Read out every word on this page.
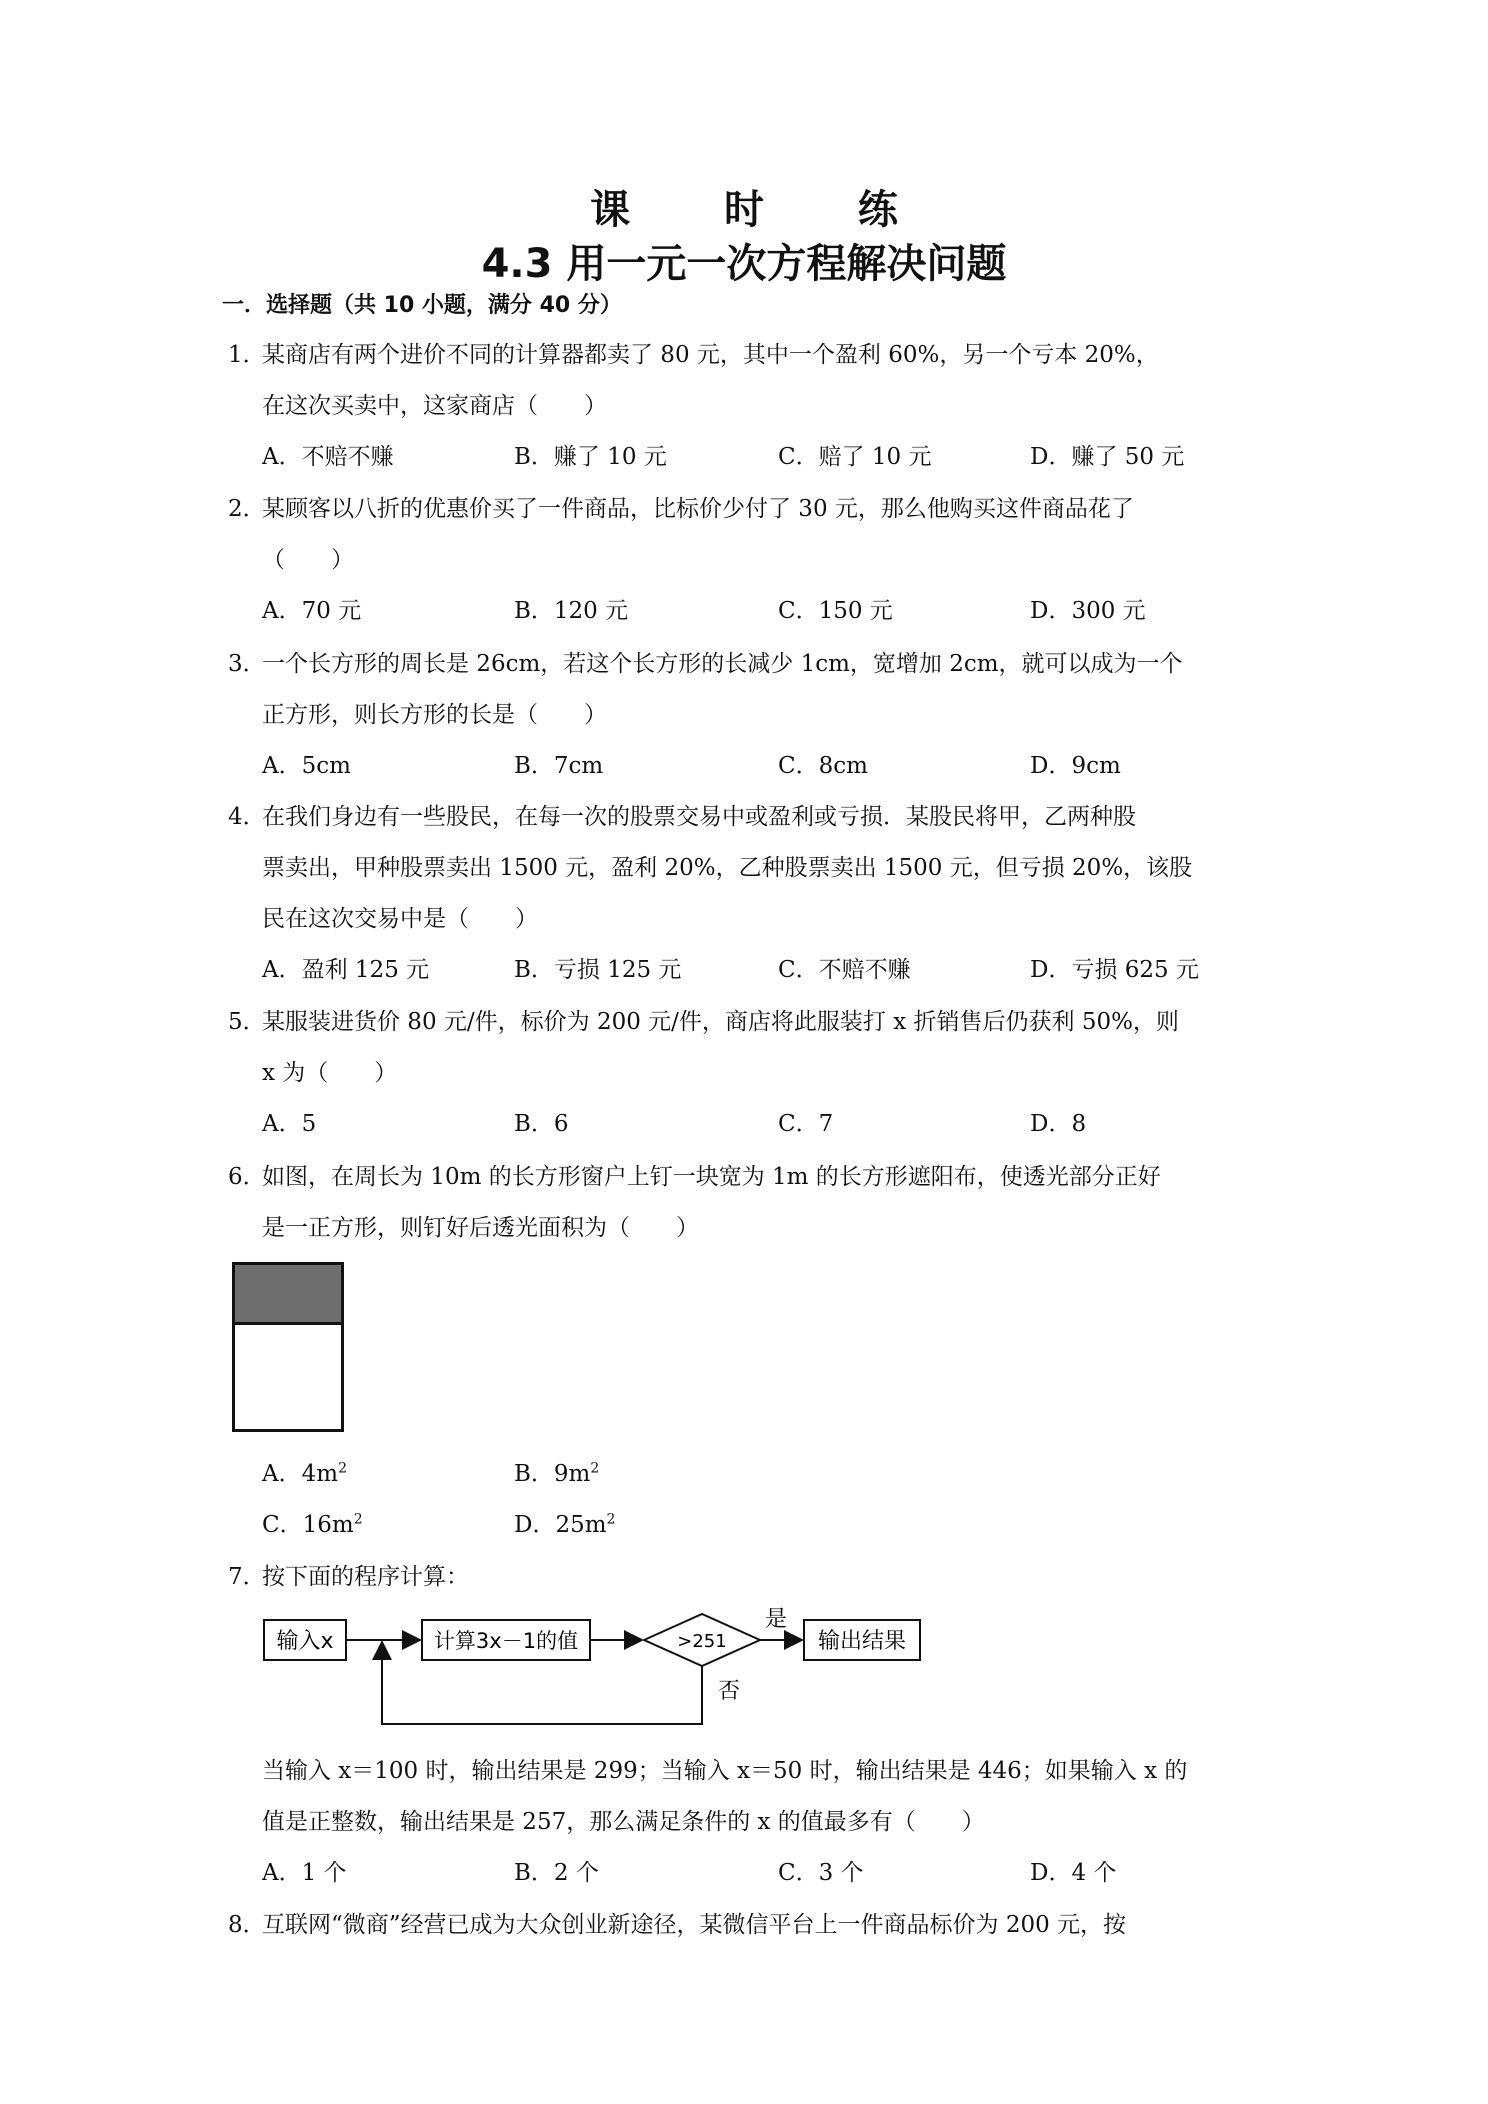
课 时 练
4.3 用一元一次方程解决问题
一．选择题（共 10 小题，满分 40 分）
1．
某商店有两个进价不同的计算器都卖了 80 元，其中一个盈利 60%，另一个亏本 20%，
在这次买卖中，这家商店（　　）
A．不赔不赚	B．赚了 10 元	C．赔了 10 元	D．赚了 50 元
2．
某顾客以八折的优惠价买了一件商品，比标价少付了 30 元，那么他购买这件商品花了
（　　）
A．70 元	B．120 元	C．150 元	D．300 元
3．
一个长方形的周长是 26cm，若这个长方形的长减少 1cm，宽增加 2cm，就可以成为一个
正方形，则长方形的长是（　　）
A．5cm	B．7cm	C．8cm	D．9cm
4．
在我们身边有一些股民，在每一次的股票交易中或盈利或亏损．某股民将甲，乙两种股
票卖出，甲种股票卖出 1500 元，盈利 20%，乙种股票卖出 1500 元，但亏损 20%，该股
民在这次交易中是（　　）
A．盈利 125 元	B．亏损 125 元	C．不赔不赚	D．亏损 625 元
5．
某服装进货价 80 元/件，标价为 200 元/件，商店将此服装打 x 折销售后仍获利 50%，则
x 为（　　）
A．5	B．6	C．7	D．8
6．
如图，在周长为 10m 的长方形窗户上钉一块宽为 1m 的长方形遮阳布，使透光部分正好
是一正方形，则钉好后透光面积为（　　）
A．$4m^2$	B．$9m^2$
C．$16m^2$	D．$25m^2$
7．
按下面的程序计算：
输入x	计算3x－1的值	>251
是
输出结果
否
当输入 x＝100 时，输出结果是 299；当输入 x＝50 时，输出结果是 446；如果输入 x 的
值是正整数，输出结果是 257，那么满足条件的 x 的值最多有（　　）
A．1 个	B．2 个	C．3 个	D．4 个
8．
互联网“微商”经营已成为大众创业新途径，某微信平台上一件商品标价为 200 元，按
